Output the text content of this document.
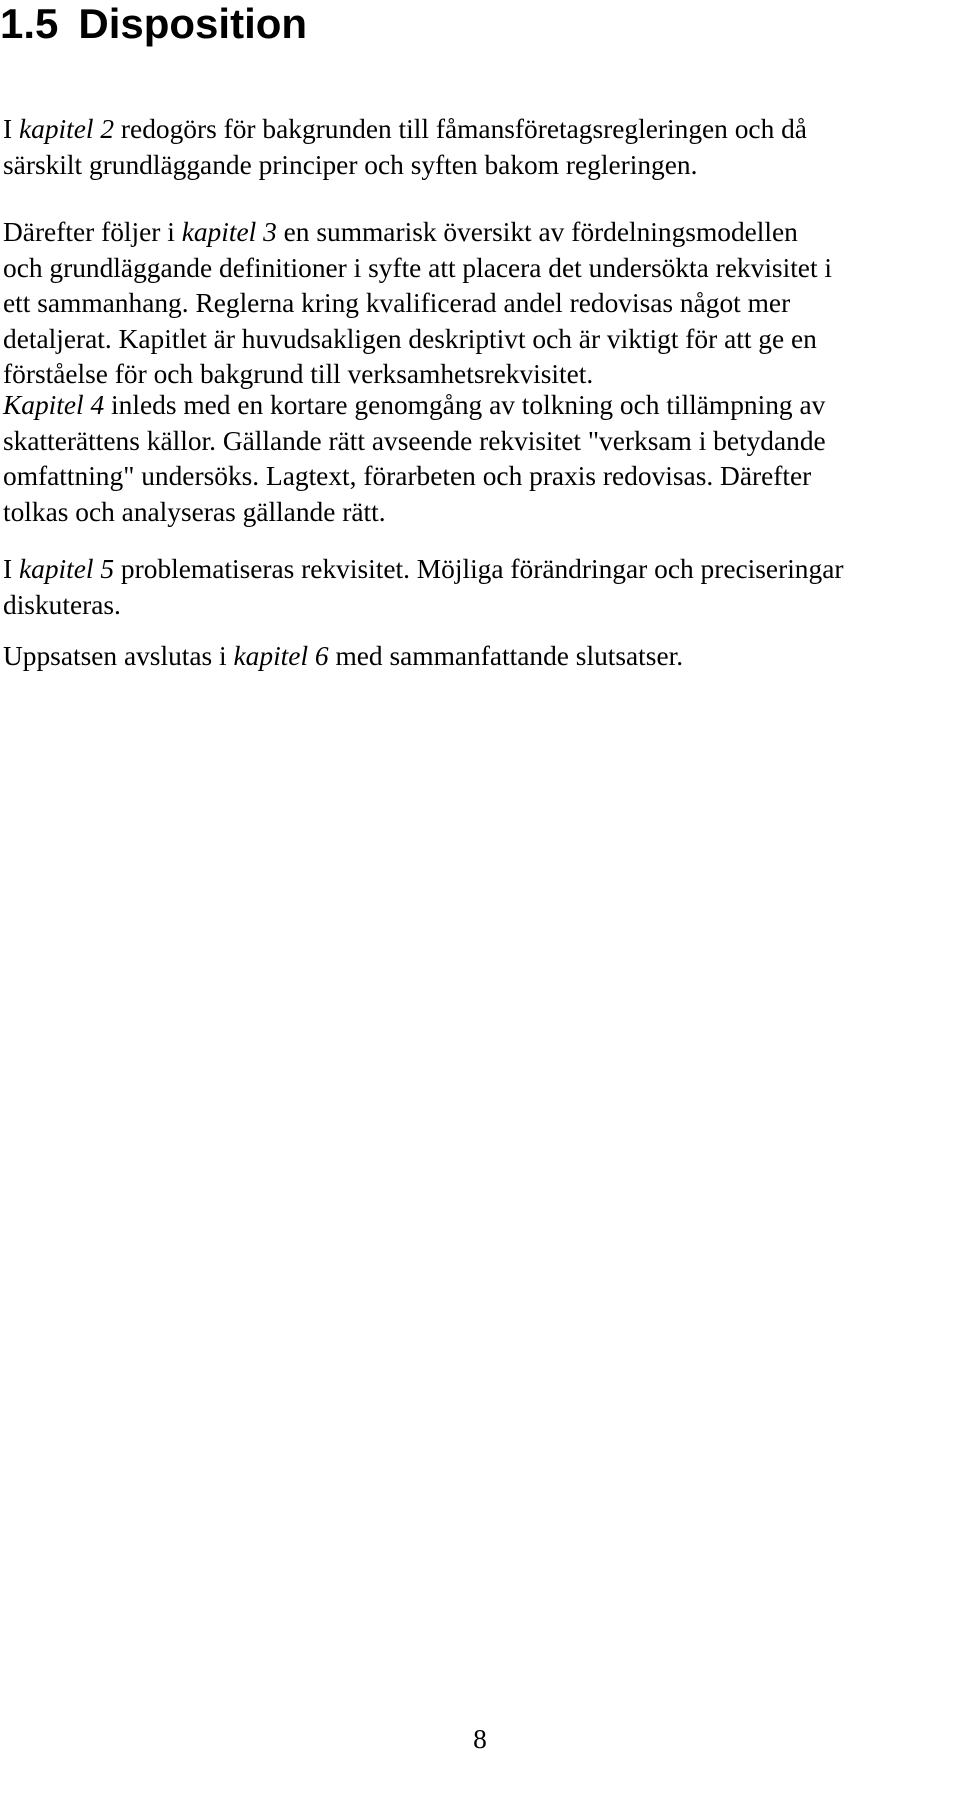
1.5 Disposition

I kapitel 2 redogörs för bakgrunden till fåmansföretagsregleringen och då
särskilt grundläggande principer och syften bakom regleringen.

Därefter följer i kapitel 3 en summarisk översikt av fördelningsmodellen
och grundläggande definitioner i syfte att placera det undersökta rekvisitet i
ett sammanhang. Reglerna kring kvalificerad andel redovisas något mer
detaljerat. Kapitlet är huvudsakligen deskriptivt och är viktigt för att ge en
förståelse för och bakgrund till verksamhetsrekvisitet.

Kapitel 4 inleds med en kortare genomgång av tolkning och tillämpning av
skatterättens källor. Gällande rätt avseende rekvisitet "verksam i betydande
omfattning" undersöks. Lagtext, förarbeten och praxis redovisas. Därefter
tolkas och analyseras gällande rätt.

I kapitel 5 problematiseras rekvisitet. Möjliga förändringar och preciseringar
diskuteras.

Uppsatsen avslutas i kapitel 6 med sammanfattande slutsatser.

8
